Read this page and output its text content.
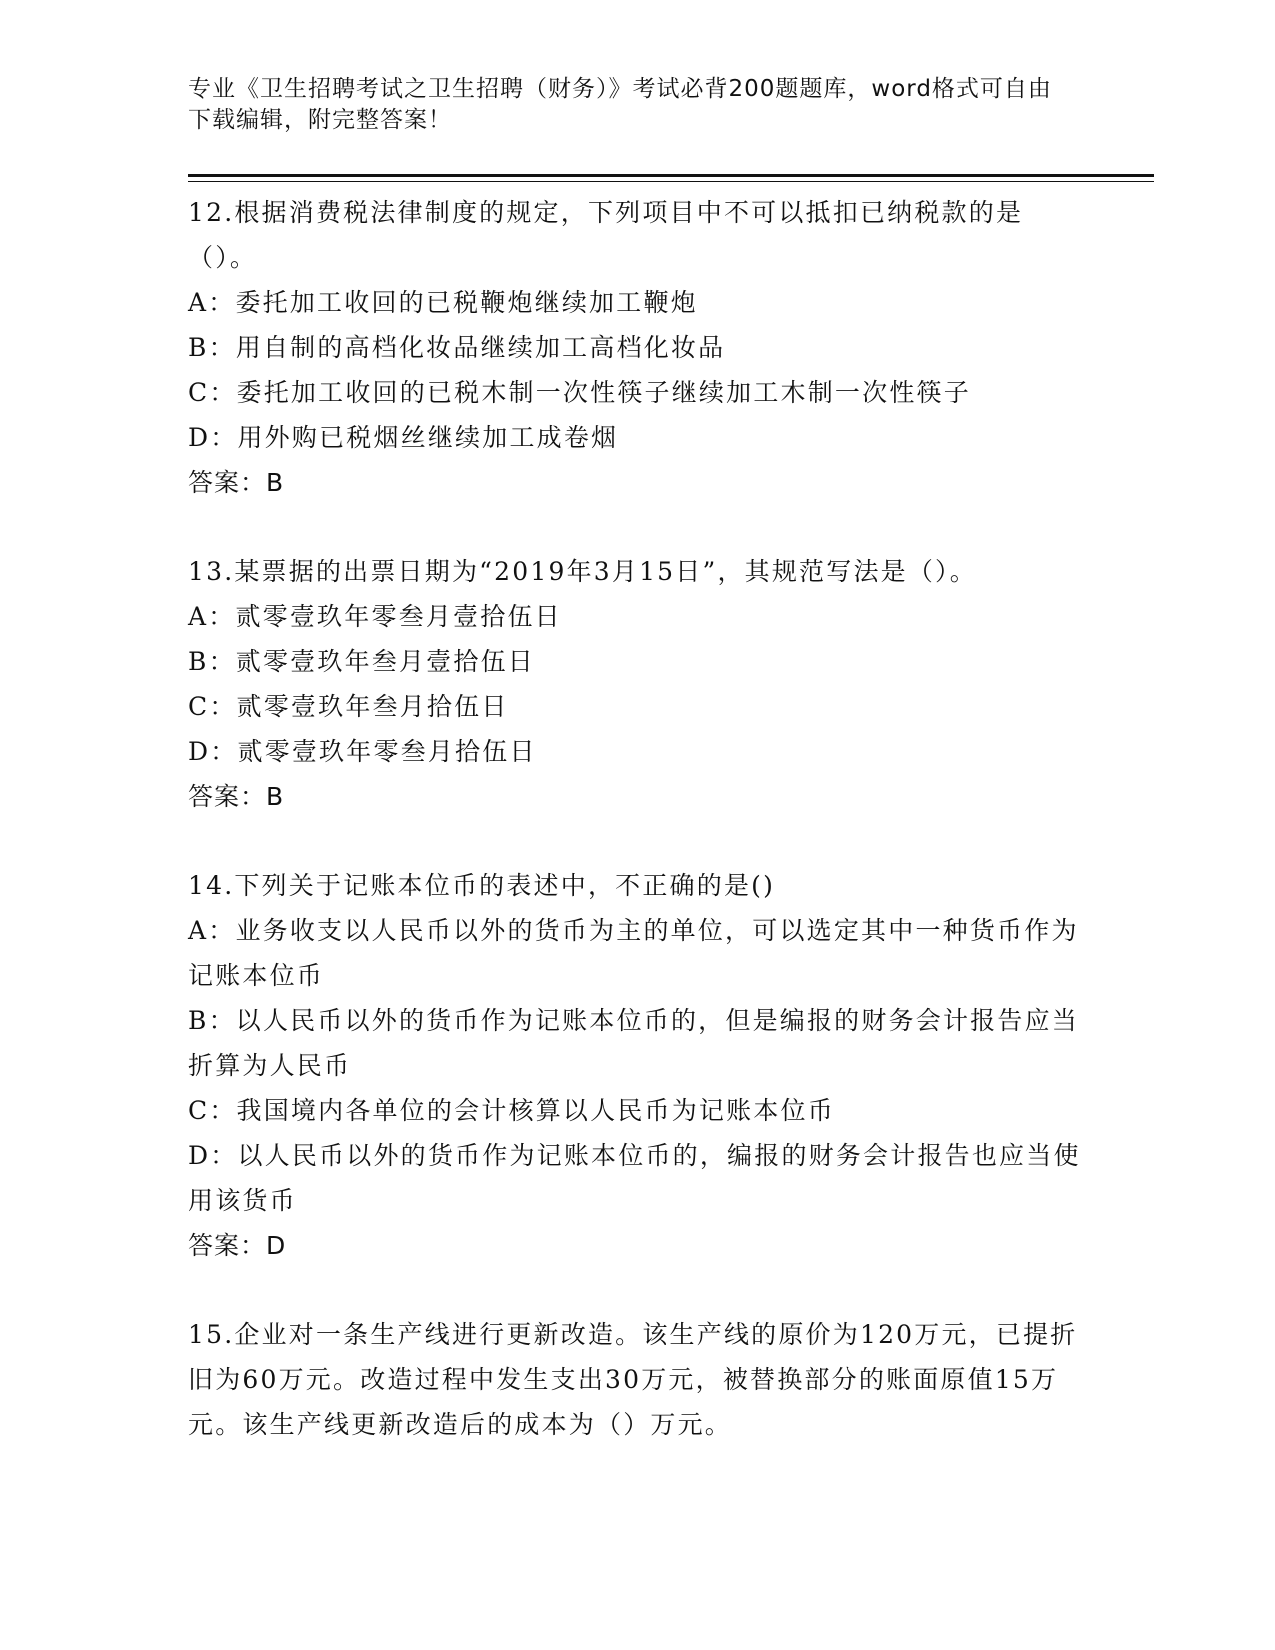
专业《卫生招聘考试之卫生招聘（财务）》考试必背200题题库，word格式可自由下载编辑，附完整答案！

12.根据消费税法律制度的规定，下列项目中不可以抵扣已纳税款的是（）。

A：委托加工收回的已税鞭炮继续加工鞭炮

B：用自制的高档化妆品继续加工高档化妆品

C：委托加工收回的已税木制一次性筷子继续加工木制一次性筷子

D：用外购已税烟丝继续加工成卷烟

答案：B

13.某票据的出票日期为“2019年3月15日”，其规范写法是（）。

A：贰零壹玖年零叁月壹拾伍日

B：贰零壹玖年叁月壹拾伍日

C：贰零壹玖年叁月拾伍日

D：贰零壹玖年零叁月拾伍日

答案：B

14.下列关于记账本位币的表述中，不正确的是()

A：业务收支以人民币以外的货币为主的单位，可以选定其中一种货币作为记账本位币

B：以人民币以外的货币作为记账本位币的，但是编报的财务会计报告应当折算为人民币

C：我国境内各单位的会计核算以人民币为记账本位币

D：以人民币以外的货币作为记账本位币的，编报的财务会计报告也应当使用该货币

答案：D

15.企业对一条生产线进行更新改造。该生产线的原价为120万元，已提折旧为60万元。改造过程中发生支出30万元，被替换部分的账面原值15万元。该生产线更新改造后的成本为（）万元。
